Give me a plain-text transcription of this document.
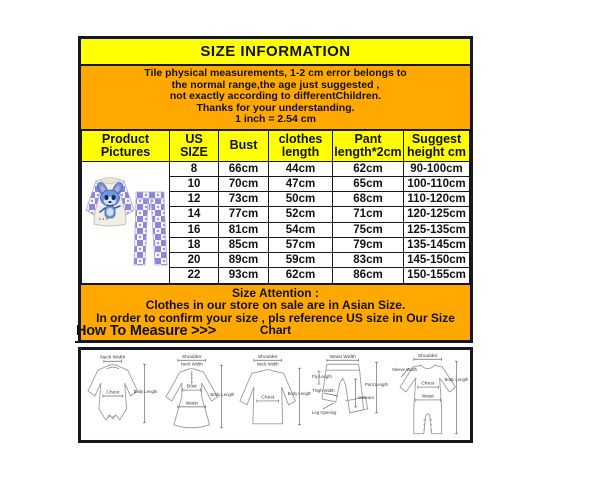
SIZE INFORMATION
Tile physical measurements, 1-2 cm error belongs to
the normal range,the age just suggested ,
not exactly according to differentChildren.
Thanks for your understanding.
1 inch = 2.54 cm
Product Pictures	US SIZE	Bust	clothes length	Pant length*2cm	Suggest height cm
	8	66cm	44cm	62cm	90-100cm
	10	70cm	47cm	65cm	100-110cm
	12	73cm	50cm	68cm	110-120cm
	14	77cm	52cm	71cm	120-125cm
	16	81cm	54cm	75cm	125-135cm
	18	85cm	57cm	79cm	135-145cm
	20	89cm	59cm	83cm	145-150cm
	22	93cm	62cm	86cm	150-155cm
Size Attention :
Clothes in our store on sale are in Asian Size.
In order to confirm your size , pls reference US size in Our Size Chart
How To Measure >>>
Neck Width
Chest	Body Length
Shoulder
Neck Width
Bust
Waist
Body Length
Shoulder
Neck Width
Chest
Body Length
Waist Width
Fly Length
Thigh Width
Leg Opening
outseam
Pant Length
Shoulder
Sleeve Width
Chest
Waist
Body Length
